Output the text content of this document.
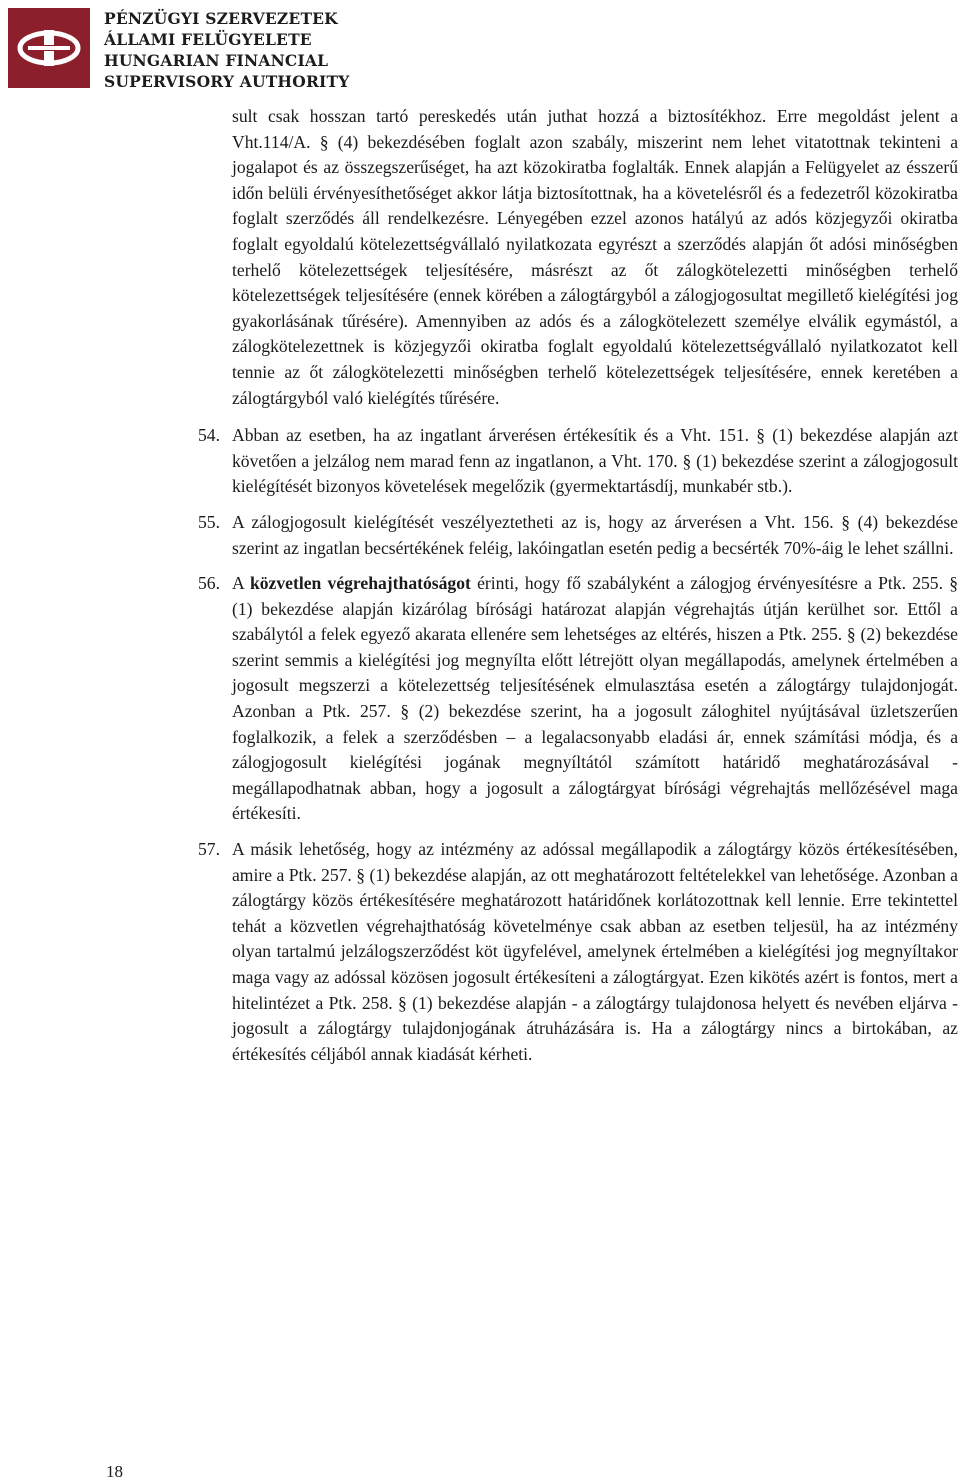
PÉNZÜGYI SZERVEZETEK
ÁLLAMI FELÜGYELETE
HUNGARIAN FINANCIAL
SUPERVISORY AUTHORITY

sult csak hosszan tartó pereskedés után juthat hozzá a biztosítékhoz. Erre megoldást jelent a Vht.114/A. § (4) bekezdésében foglalt azon szabály, miszerint nem lehet vitatottnak tekinteni a jogalapot és az összegszerűséget, ha azt közokiratba foglalták. Ennek alapján a Felügyelet az ésszerű időn belüli érvényesíthetőséget akkor látja biztosítottnak, ha a követelésről és a fedezetről közokiratba foglalt szerződés áll rendelkezésre. Lényegében ezzel azonos hatályú az adós közjegyzői okiratba foglalt egyoldalú kötelezettségvállaló nyilatkozata egyrészt a szerződés alapján őt adósi minőségben terhelő kötelezettségek teljesítésére, másrészt az őt zálogkötelezetti minőségben terhelő kötelezettségek teljesítésére (ennek körében a zálogtárgyból a zálogjogosultat megillető kielégítési jog gyakorlásának tűrésére). Amennyiben az adós és a zálogkötelezett személye elválik egymástól, a zálogkötelezettnek is közjegyzői okiratba foglalt egyoldalú kötelezettségvállaló nyilatkozatot kell tennie az őt zálogkötelezetti minőségben terhelő kötelezettségek teljesítésére, ennek keretében a zálogtárgyból való kielégítés tűrésére.

54. Abban az esetben, ha az ingatlant árverésen értékesítik és a Vht. 151. § (1) bekezdése alapján azt követően a jelzálog nem marad fenn az ingatlanon, a Vht. 170. § (1) bekezdése szerint a zálogjogosult kielégítését bizonyos követelések megelőzik (gyermektartásdíj, munkabér stb.).

55. A zálogjogosult kielégítését veszélyeztetheti az is, hogy az árverésen a Vht. 156. § (4) bekezdése szerint az ingatlan becsértékének feléig, lakóingatlan esetén pedig a becsérték 70%-áig le lehet szállni.

56. A közvetlen végrehajthatóságot érinti, hogy fő szabályként a zálogjog érvényesítésre a Ptk. 255. § (1) bekezdése alapján kizárólag bírósági határozat alapján végrehajtás útján kerülhet sor. Ettől a szabálytól a felek egyező akarata ellenére sem lehetséges az eltérés, hiszen a Ptk. 255. § (2) bekezdése szerint semmis a kielégítési jog megnyílta előtt létrejött olyan megállapodás, amelynek értelmében a jogosult megszerzi a kötelezettség teljesítésének elmulasztása esetén a zálogtárgy tulajdonjogát. Azonban a Ptk. 257. § (2) bekezdése szerint, ha a jogosult záloghitel nyújtásával üzletszerűen foglalkozik, a felek a szerződésben – a legalacsonyabb eladási ár, ennek számítási módja, és a zálogjogosult kielégítési jogának megnyíltától számított határidő meghatározásával - megállapodhatnak abban, hogy a jogosult a zálogtárgyat bírósági végrehajtás mellőzésével maga értékesíti.

57. A másik lehetőség, hogy az intézmény az adóssal megállapodik a zálogtárgy közös értékesítésében, amire a Ptk. 257. § (1) bekezdése alapján, az ott meghatározott feltételekkel van lehetősége. Azonban a zálogtárgy közös értékesítésére meghatározott határidőnek korlátozottnak kell lennie. Erre tekintettel tehát a közvetlen végrehajthatóság követelménye csak abban az esetben teljesül, ha az intézmény olyan tartalmú jelzálogszerződést köt ügyfelével, amelynek értelmében a kielégítési jog megnyíltakor maga vagy az adóssal közösen jogosult értékesíteni a zálogtárgyat. Ezen kikötés azért is fontos, mert a hitelintézet a Ptk. 258. § (1) bekezdése alapján - a zálogtárgy tulajdonosa helyett és nevében eljárva - jogosult a zálogtárgy tulajdonjogának átruházására is. Ha a zálogtárgy nincs a birtokában, az értékesítés céljából annak kiadását kérheti.

18
